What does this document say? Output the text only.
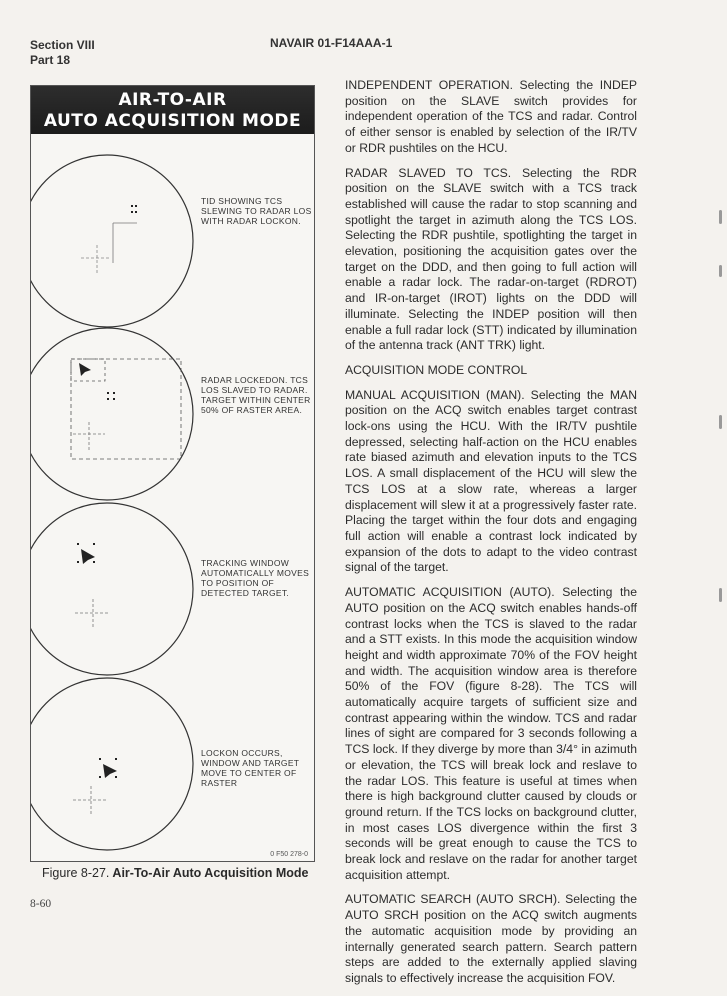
Section VIII
Part 18
NAVAIR 01-F14AAA-1
AIR-TO-AIR
AUTO ACQUISITION MODE
TID SHOWING TCS SLEWING TO RADAR LOS WITH RADAR LOCKON.
RADAR LOCKEDON. TCS LOS SLAVED TO RADAR. TARGET WITHIN CENTER 50% OF RASTER AREA.
TRACKING WINDOW AUTOMATICALLY MOVES TO POSITION OF DETECTED TARGET.
LOCKON OCCURS, WINDOW AND TARGET MOVE TO CENTER OF RASTER
0 F50 278-0
Figure 8-27. Air-To-Air Auto Acquisition Mode
8-60

INDEPENDENT OPERATION. Selecting the INDEP position on the SLAVE switch provides for independent operation of the TCS and radar. Control of either sensor is enabled by selection of the IR/TV or RDR pushtiles on the HCU.

RADAR SLAVED TO TCS. Selecting the RDR position on the SLAVE switch with a TCS track established will cause the radar to stop scanning and spotlight the target in azimuth along the TCS LOS. Selecting the RDR pushtile, spotlighting the target in elevation, positioning the acquisition gates over the target on the DDD, and then going to full action will enable a radar lock. The radar-on-target (RDROT) and IR-on-target (IROT) lights on the DDD will illuminate. Selecting the INDEP position will then enable a full radar lock (STT) indicated by illumination of the antenna track (ANT TRK) light.

ACQUISITION MODE CONTROL

MANUAL ACQUISITION (MAN). Selecting the MAN position on the ACQ switch enables target contrast lock-ons using the HCU. With the IR/TV pushtile depressed, selecting half-action on the HCU enables rate biased azimuth and elevation inputs to the TCS LOS. A small displacement of the HCU will slew the TCS LOS at a slow rate, whereas a larger displacement will slew it at a progressively faster rate. Placing the target within the four dots and engaging full action will enable a contrast lock indicated by expansion of the dots to adapt to the video contrast signal of the target.

AUTOMATIC ACQUISITION (AUTO). Selecting the AUTO position on the ACQ switch enables hands-off contrast locks when the TCS is slaved to the radar and a STT exists. In this mode the acquisition window height and width approximate 70% of the FOV height and width. The acquisition window area is therefore 50% of the FOV (figure 8-28). The TCS will automatically acquire targets of sufficient size and contrast appearing within the window. TCS and radar lines of sight are compared for 3 seconds following a TCS lock. If they diverge by more than 3/4° in azimuth or elevation, the TCS will break lock and reslave to the radar LOS. This feature is useful at times when there is high background clutter caused by clouds or ground return. If the TCS locks on background clutter, in most cases LOS divergence within the first 3 seconds will be great enough to cause the TCS to break lock and reslave on the radar for another target acquisition attempt.

AUTOMATIC SEARCH (AUTO SRCH). Selecting the AUTO SRCH position on the ACQ switch augments the automatic acquisition mode by providing an internally generated search pattern. Search pattern steps are added to the externally applied slaving signals to effectively increase the acquisition FOV.
